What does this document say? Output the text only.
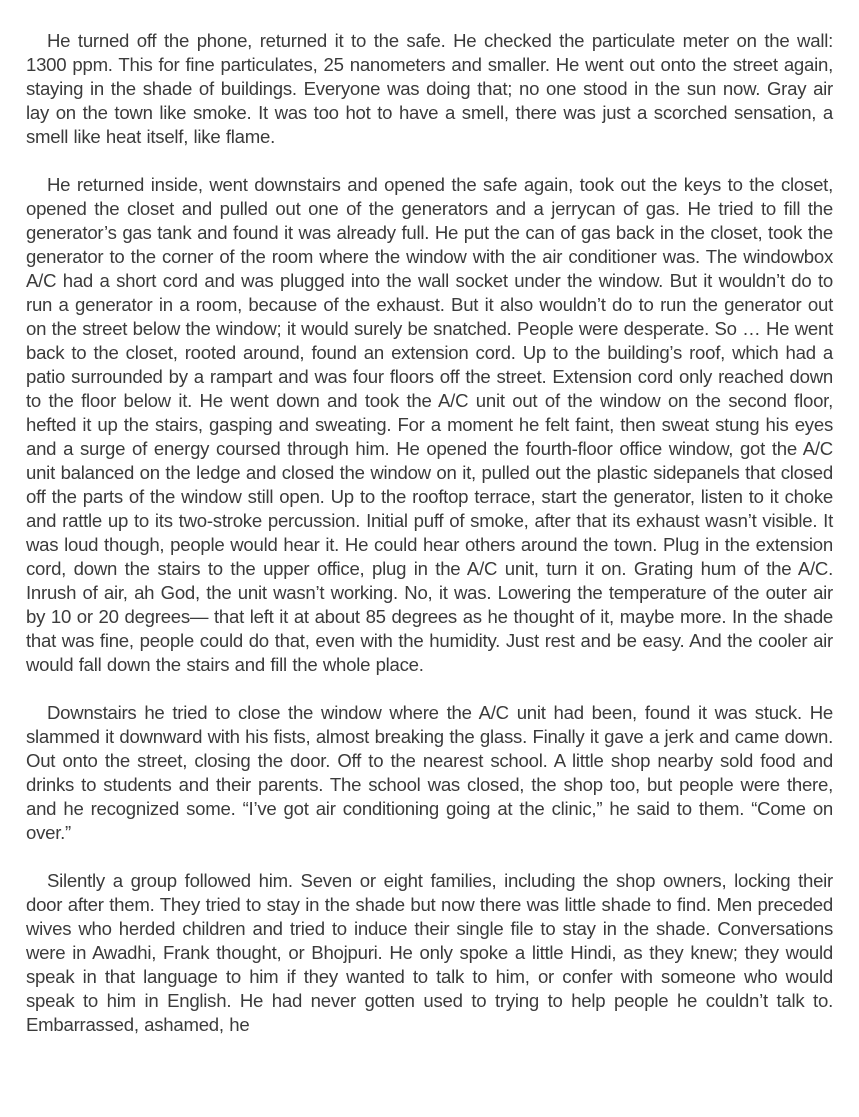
He turned off the phone, returned it to the safe. He checked the particulate meter on the wall: 1300 ppm. This for fine particulates, 25 nanometers and smaller. He went out onto the street again, staying in the shade of buildings. Everyone was doing that; no one stood in the sun now. Gray air lay on the town like smoke. It was too hot to have a smell, there was just a scorched sensation, a smell like heat itself, like flame.

He returned inside, went downstairs and opened the safe again, took out the keys to the closet, opened the closet and pulled out one of the generators and a jerrycan of gas. He tried to fill the generator’s gas tank and found it was already full. He put the can of gas back in the closet, took the generator to the corner of the room where the window with the air conditioner was. The windowbox A/C had a short cord and was plugged into the wall socket under the window. But it wouldn’t do to run a generator in a room, because of the exhaust. But it also wouldn’t do to run the generator out on the street below the window; it would surely be snatched. People were desperate. So … He went back to the closet, rooted around, found an extension cord. Up to the building’s roof, which had a patio surrounded by a rampart and was four floors off the street. Extension cord only reached down to the floor below it. He went down and took the A/C unit out of the window on the second floor, hefted it up the stairs, gasping and sweating. For a moment he felt faint, then sweat stung his eyes and a surge of energy coursed through him. He opened the fourth-floor office window, got the A/C unit balanced on the ledge and closed the window on it, pulled out the plastic sidepanels that closed off the parts of the window still open. Up to the rooftop terrace, start the generator, listen to it choke and rattle up to its two-stroke percussion. Initial puff of smoke, after that its exhaust wasn’t visible. It was loud though, people would hear it. He could hear others around the town. Plug in the extension cord, down the stairs to the upper office, plug in the A/C unit, turn it on. Grating hum of the A/C. Inrush of air, ah God, the unit wasn’t working. No, it was. Lowering the temperature of the outer air by 10 or 20 degrees— that left it at about 85 degrees as he thought of it, maybe more. In the shade that was fine, people could do that, even with the humidity. Just rest and be easy. And the cooler air would fall down the stairs and fill the whole place.

Downstairs he tried to close the window where the A/C unit had been, found it was stuck. He slammed it downward with his fists, almost breaking the glass. Finally it gave a jerk and came down. Out onto the street, closing the door. Off to the nearest school. A little shop nearby sold food and drinks to students and their parents. The school was closed, the shop too, but people were there, and he recognized some. “I’ve got air conditioning going at the clinic,” he said to them. “Come on over.”

Silently a group followed him. Seven or eight families, including the shop owners, locking their door after them. They tried to stay in the shade but now there was little shade to find. Men preceded wives who herded children and tried to induce their single file to stay in the shade. Conversations were in Awadhi, Frank thought, or Bhojpuri. He only spoke a little Hindi, as they knew; they would speak in that language to him if they wanted to talk to him, or confer with someone who would speak to him in English. He had never gotten used to trying to help people he couldn’t talk to. Embarrassed, ashamed, he
